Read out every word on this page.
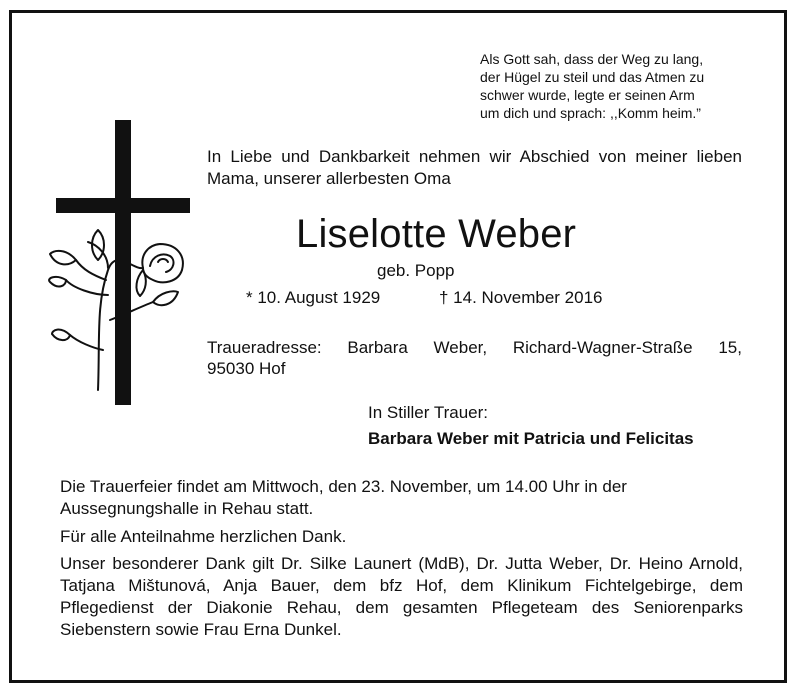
Als Gott sah, dass der Weg zu lang,
der Hügel zu steil und das Atmen zu
schwer wurde, legte er seinen Arm
um dich und sprach: ,,Komm heim.”
In Liebe und Dankbarkeit nehmen wir Abschied von meiner lieben Mama, unserer allerbesten Oma
Liselotte Weber
geb. Popp
* 10. August 1929	† 14. November 2016
Traueradresse: Barbara Weber, Richard-Wagner-Straße 15,
95030 Hof
In Stiller Trauer:
Barbara Weber mit Patricia und Felicitas
Die Trauerfeier findet am Mittwoch, den 23. November, um 14.00 Uhr in der Aussegnungshalle in Rehau statt.
Für alle Anteilnahme herzlichen Dank.
Unser besonderer Dank gilt Dr. Silke Launert (MdB), Dr. Jutta Weber, Dr. Heino Arnold, Tatjana Mištunová, Anja Bauer, dem bfz Hof, dem Klinikum Fichtelgebirge, dem Pflegedienst der Diakonie Rehau, dem gesamten Pflegeteam des Seniorenparks Siebenstern sowie Frau Erna Dunkel.
